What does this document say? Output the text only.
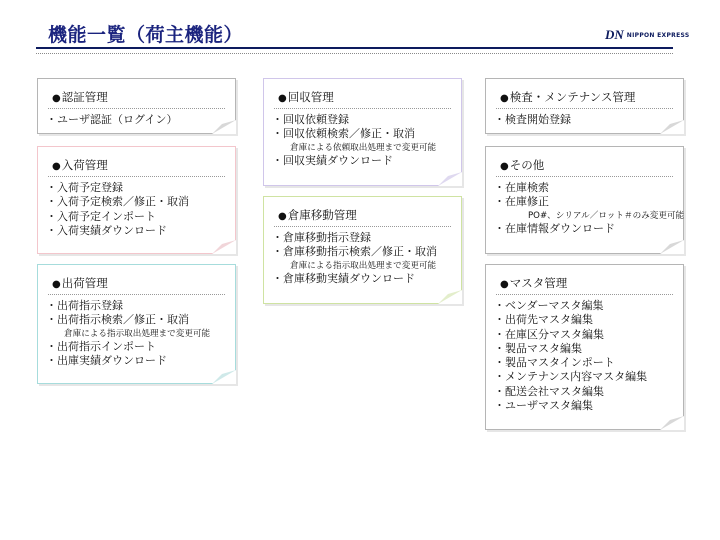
機能一覧（荷主機能）	DN NIPPON EXPRESS
●認証管理
・ユーザ認証（ログイン）
●入荷管理
・入荷予定登録
・入荷予定検索／修正・取消
・入荷予定インポート
・入荷実績ダウンロード
●出荷管理
・出荷指示登録
・出荷指示検索／修正・取消
倉庫による指示取出処理まで変更可能
・出荷指示インポート
・出庫実績ダウンロード
●回収管理
・回収依頼登録
・回収依頼検索／修正・取消
倉庫による依頼取出処理まで変更可能
・回収実績ダウンロード
●倉庫移動管理
・倉庫移動指示登録
・倉庫移動指示検索／修正・取消
倉庫による指示取出処理まで変更可能
・倉庫移動実績ダウンロード
●検査・メンテナンス管理
・検査開始登録
●その他
・在庫検索
・在庫修正
PO#、シリアル／ロット＃のみ変更可能
・在庫情報ダウンロード
●マスタ管理
・ベンダーマスタ編集
・出荷先マスタ編集
・在庫区分マスタ編集
・製品マスタ編集
・製品マスタインポート
・メンテナンス内容マスタ編集
・配送会社マスタ編集
・ユーザマスタ編集
